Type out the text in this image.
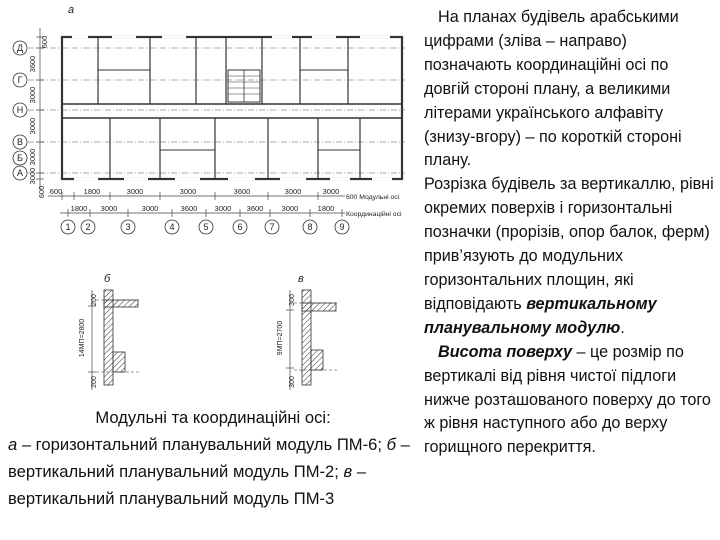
а
600
3600
3000
3000
3000
3000
600
Д
Г
Н
В
Б
А
600	1800	3000	3000	3600	3000	3000
600 Модульні осі
1800 3000	3000	3600 3000 3600 3000	1800
Координаційні осі
1 2	3	4	5	6	7	8	9
б
200
14МП=2800
200
в
300
9МП=2700
300
Модульні та координаційні осі:
а – горизонтальний планувальний модуль ПМ-6; б – вертикальний планувальний модуль ПМ-2; в – вертикальний планувальний модуль ПМ-3

На планах будівель арабськими цифрами (зліва – направо) позначають координаційні осі по довгій стороні плану, а великими літерами українського алфавіту (знизу-вгору) – по короткій стороні плану.

Розрізка будівель за вертикаллю, рівні окремих поверхів і горизонтальні позначки (прорізів, опор балок, ферм) прив’язують до модульних горизонтальних площин, які відповідають вертикальному планувальному модулю.

Висота поверху – це розмір по вертикалі від рівня чистої підлоги нижче розташованого поверху до того ж рівня наступного або до верху горищного перекриття.
